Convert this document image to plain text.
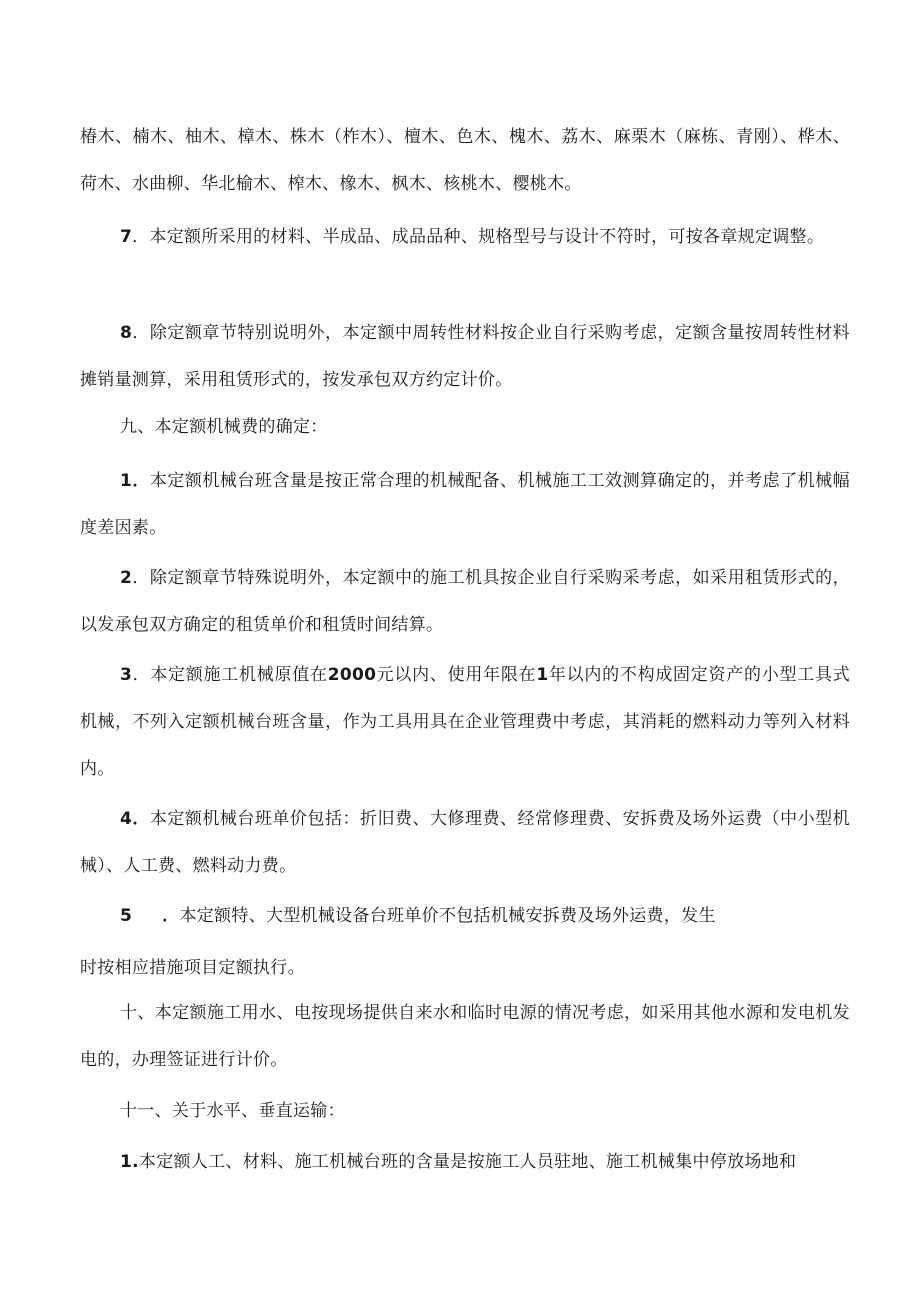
椿木、楠木、柚木、樟木、株木（柞木）、檀木、色木、槐木、荔木、麻栗木（麻栋、青刚）、桦木、荷木、水曲柳、华北榆木、榨木、橡木、枫木、核桃木、樱桃木。

7．本定额所采用的材料、半成品、成品品种、规格型号与设计不符时，可按各章规定调整。

8．除定额章节特别说明外，本定额中周转性材料按企业自行采购考虑，定额含量按周转性材料摊销量测算，采用租赁形式的，按发承包双方约定计价。

九、本定额机械费的确定：

1．本定额机械台班含量是按正常合理的机械配备、机械施工工效测算确定的，并考虑了机械幅度差因素。

2．除定额章节特殊说明外，本定额中的施工机具按企业自行采购采考虑，如采用租赁形式的，以发承包双方确定的租赁单价和租赁时间结算。

3．本定额施工机械原值在2000元以内、使用年限在1年以内的不构成固定资产的小型工具式机械，不列入定额机械台班含量，作为工具用具在企业管理费中考虑，其消耗的燃料动力等列入材料内。

4．本定额机械台班单价包括：折旧费、大修理费、经常修理费、安拆费及场外运费（中小型机械）、人工费、燃料动力费。

5 ．本定额特、大型机械设备台班单价不包括机械安拆费及场外运费，发生

时按相应措施项目定额执行。

十、本定额施工用水、电按现场提供自来水和临时电源的情况考虑，如采用其他水源和发电机发电的，办理签证进行计价。

十一、关于水平、垂直运输：

1.本定额人工、材料、施工机械台班的含量是按施工人员驻地、施工机械集中停放场地和
